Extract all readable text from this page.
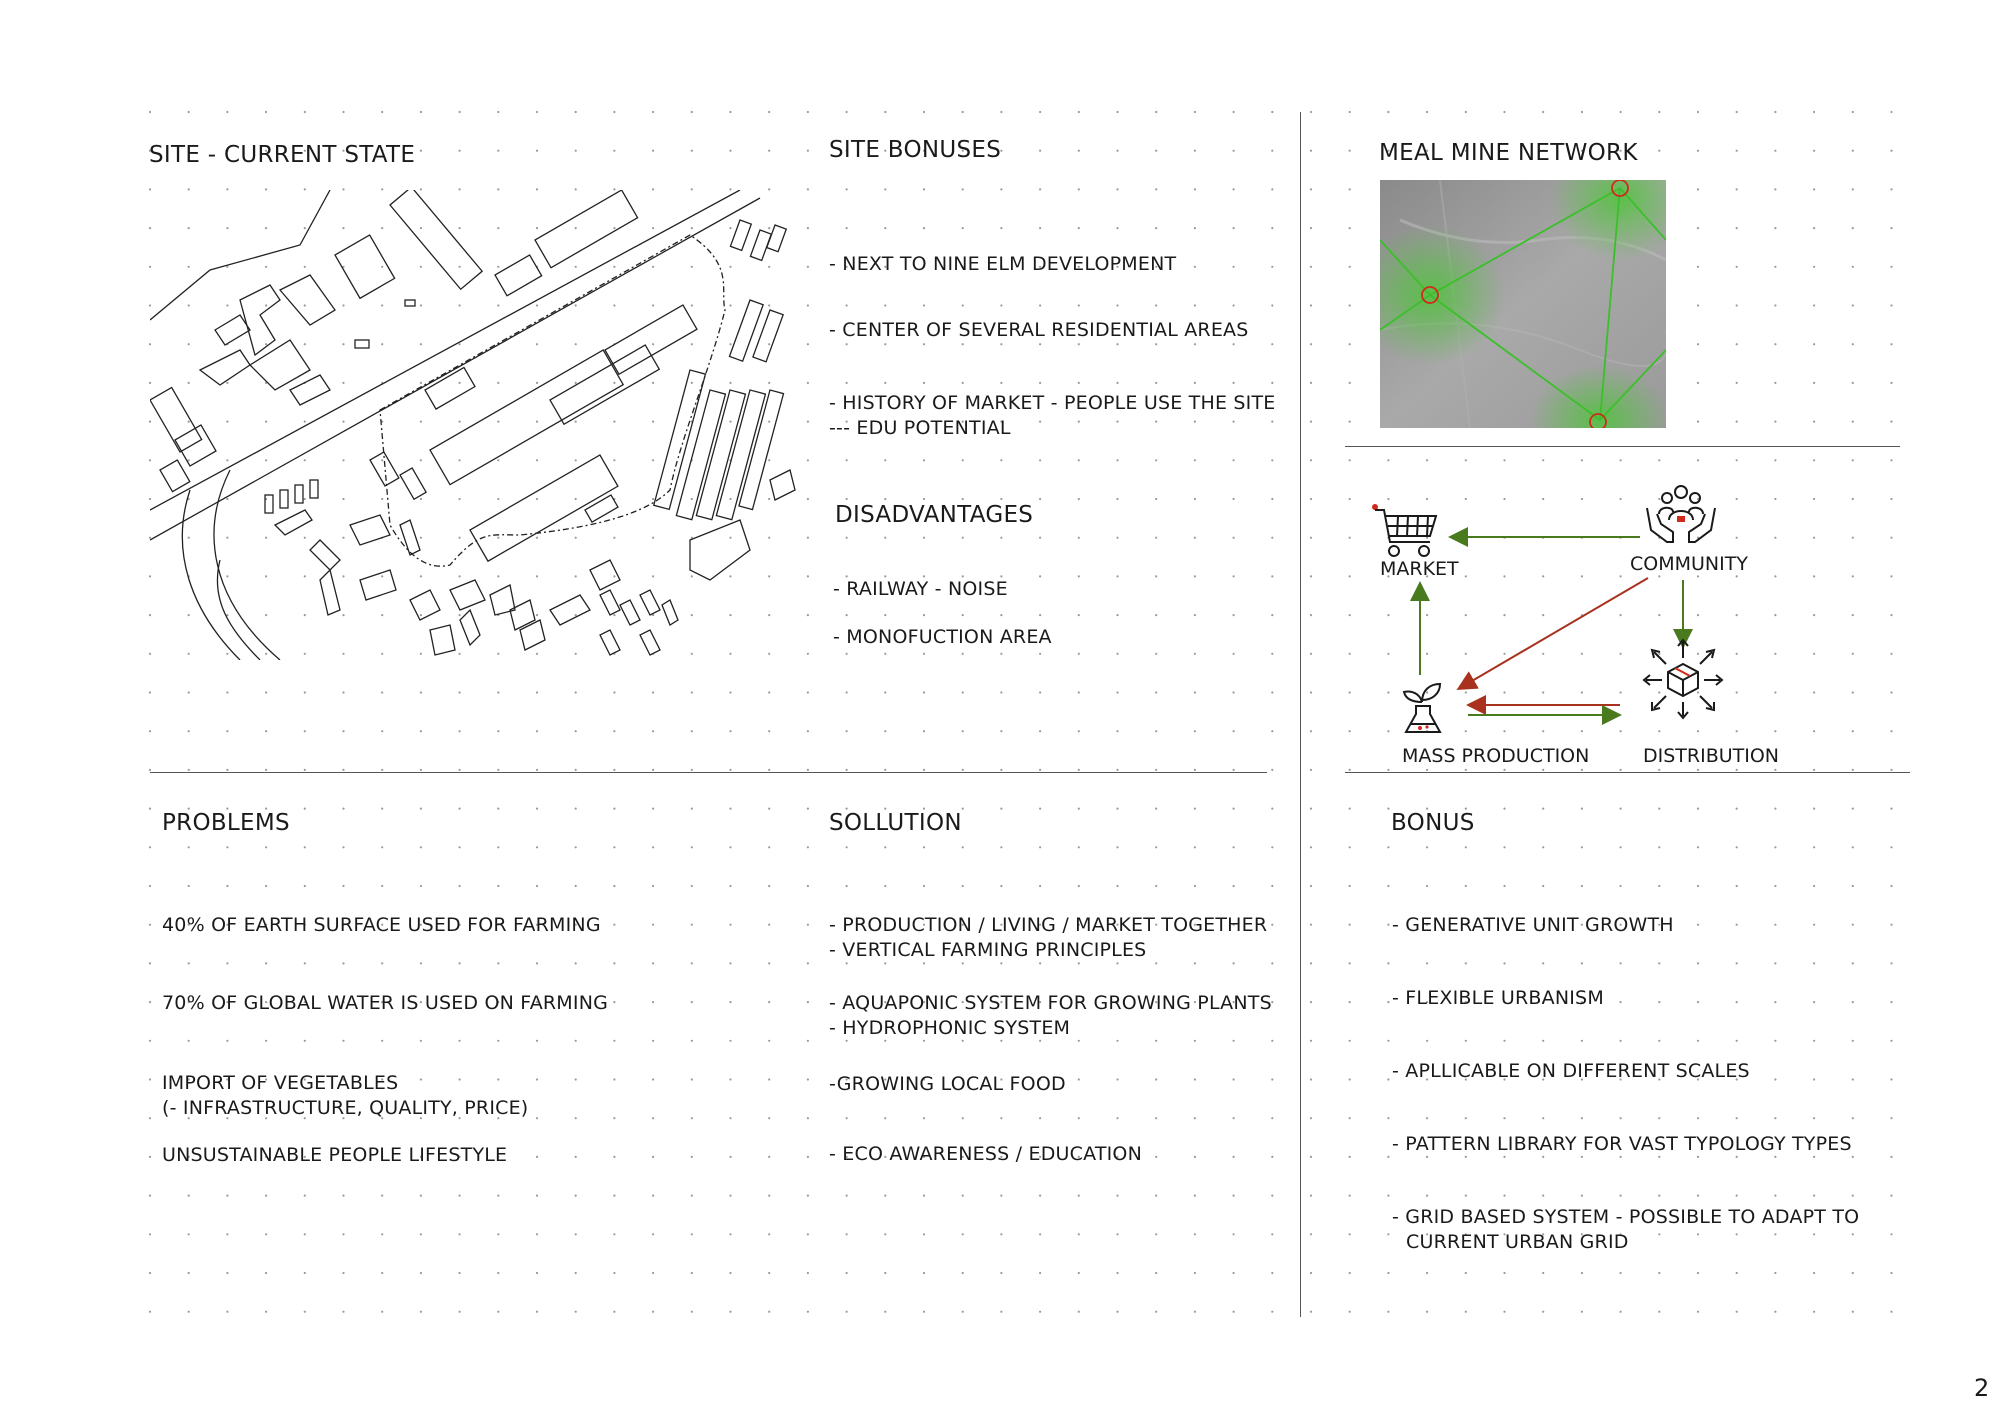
SITE - CURRENT STATE	SITE BONUSES
- NEXT TO NINE ELM DEVELOPMENT
- CENTER OF SEVERAL RESIDENTIAL AREAS
- HISTORY OF MARKET - PEOPLE USE THE SITE
--- EDU POTENTIAL
DISADVANTAGES
- RAILWAY - NOISE
- MONOFUCTION AREA
MEAL MINE NETWORK
MARKET	COMMUNITY
MASS PRODUCTION	DISTRIBUTION
PROBLEMS
40% OF EARTH SURFACE USED FOR FARMING
70% OF GLOBAL WATER IS USED ON FARMING
IMPORT OF VEGETABLES
(- INFRASTRUCTURE, QUALITY, PRICE)
UNSUSTAINABLE PEOPLE LIFESTYLE
SOLLUTION
- PRODUCTION / LIVING / MARKET TOGETHER
- VERTICAL FARMING PRINCIPLES
- AQUAPONIC SYSTEM FOR GROWING PLANTS
- HYDROPHONIC SYSTEM
-GROWING LOCAL FOOD
- ECO AWARENESS / EDUCATION
BONUS
- GENERATIVE UNIT GROWTH
- FLEXIBLE URBANISM
- APLLICABLE ON DIFFERENT SCALES
- PATTERN LIBRARY FOR VAST TYPOLOGY TYPES
- GRID BASED SYSTEM - POSSIBLE TO ADAPT TO
CURRENT URBAN GRID
2
